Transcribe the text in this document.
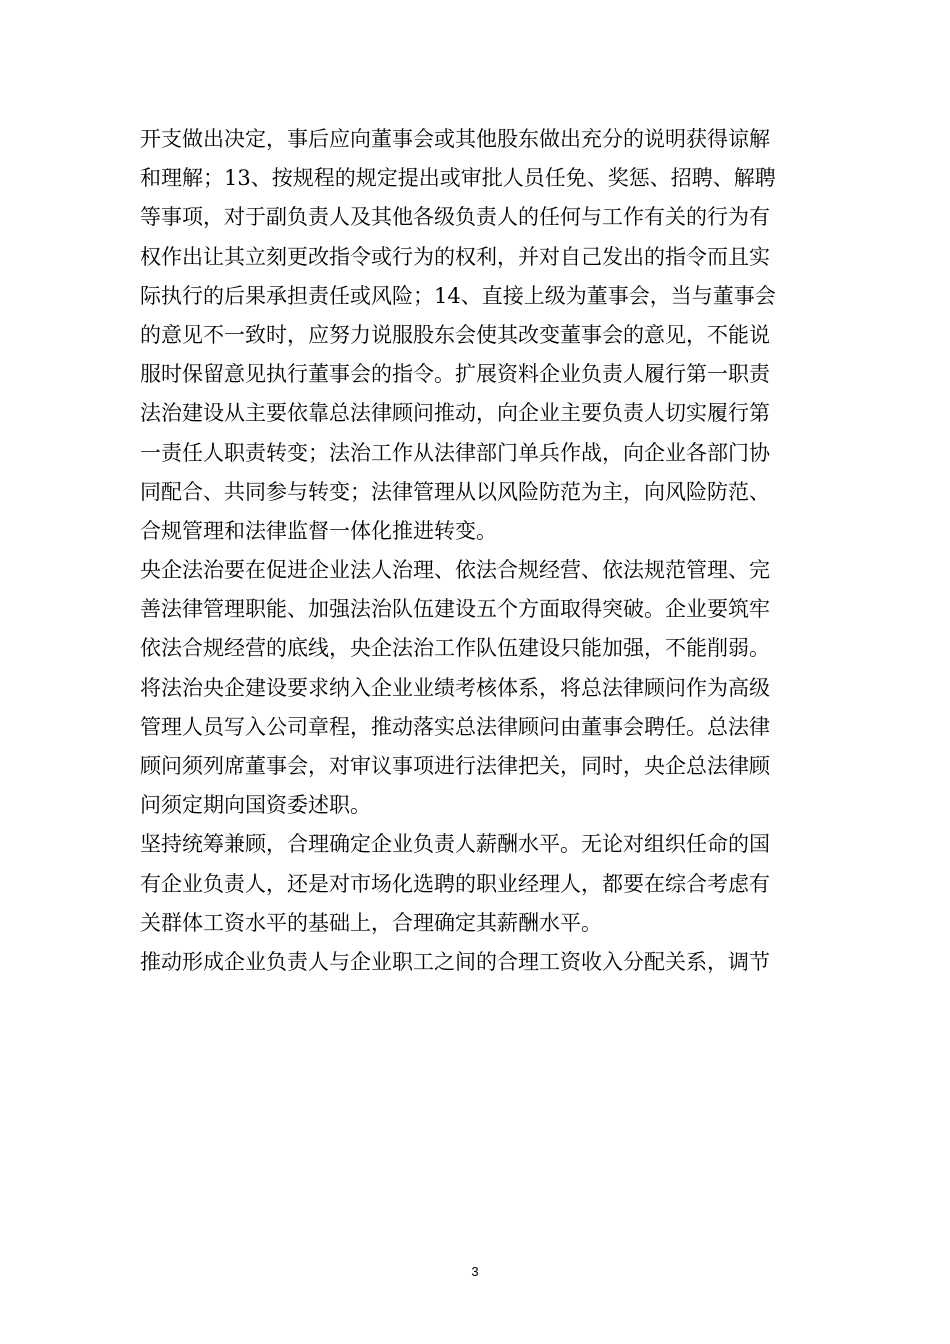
开支做出决定，事后应向董事会或其他股东做出充分的说明获得谅解
和理解；13、按规程的规定提出或审批人员任免、奖惩、招聘、解聘
等事项，对于副负责人及其他各级负责人的任何与工作有关的行为有
权作出让其立刻更改指令或行为的权利，并对自己发出的指令而且实
际执行的后果承担责任或风险；14、直接上级为董事会，当与董事会
的意见不一致时，应努力说服股东会使其改变董事会的意见，不能说
服时保留意见执行董事会的指令。扩展资料企业负责人履行第一职责
法治建设从主要依靠总法律顾问推动，向企业主要负责人切实履行第
一责任人职责转变；法治工作从法律部门单兵作战，向企业各部门协
同配合、共同参与转变；法律管理从以风险防范为主，向风险防范、
合规管理和法律监督一体化推进转变。

央企法治要在促进企业法人治理、依法合规经营、依法规范管理、完
善法律管理职能、加强法治队伍建设五个方面取得突破。企业要筑牢
依法合规经营的底线，央企法治工作队伍建设只能加强，不能削弱。

将法治央企建设要求纳入企业业绩考核体系，将总法律顾问作为高级
管理人员写入公司章程，推动落实总法律顾问由董事会聘任。总法律
顾问须列席董事会，对审议事项进行法律把关，同时，央企总法律顾
问须定期向国资委述职。

坚持统筹兼顾，合理确定企业负责人薪酬水平。无论对组织任命的国
有企业负责人，还是对市场化选聘的职业经理人，都要在综合考虑有
关群体工资水平的基础上，合理确定其薪酬水平。

推动形成企业负责人与企业职工之间的合理工资收入分配关系，调节

3
